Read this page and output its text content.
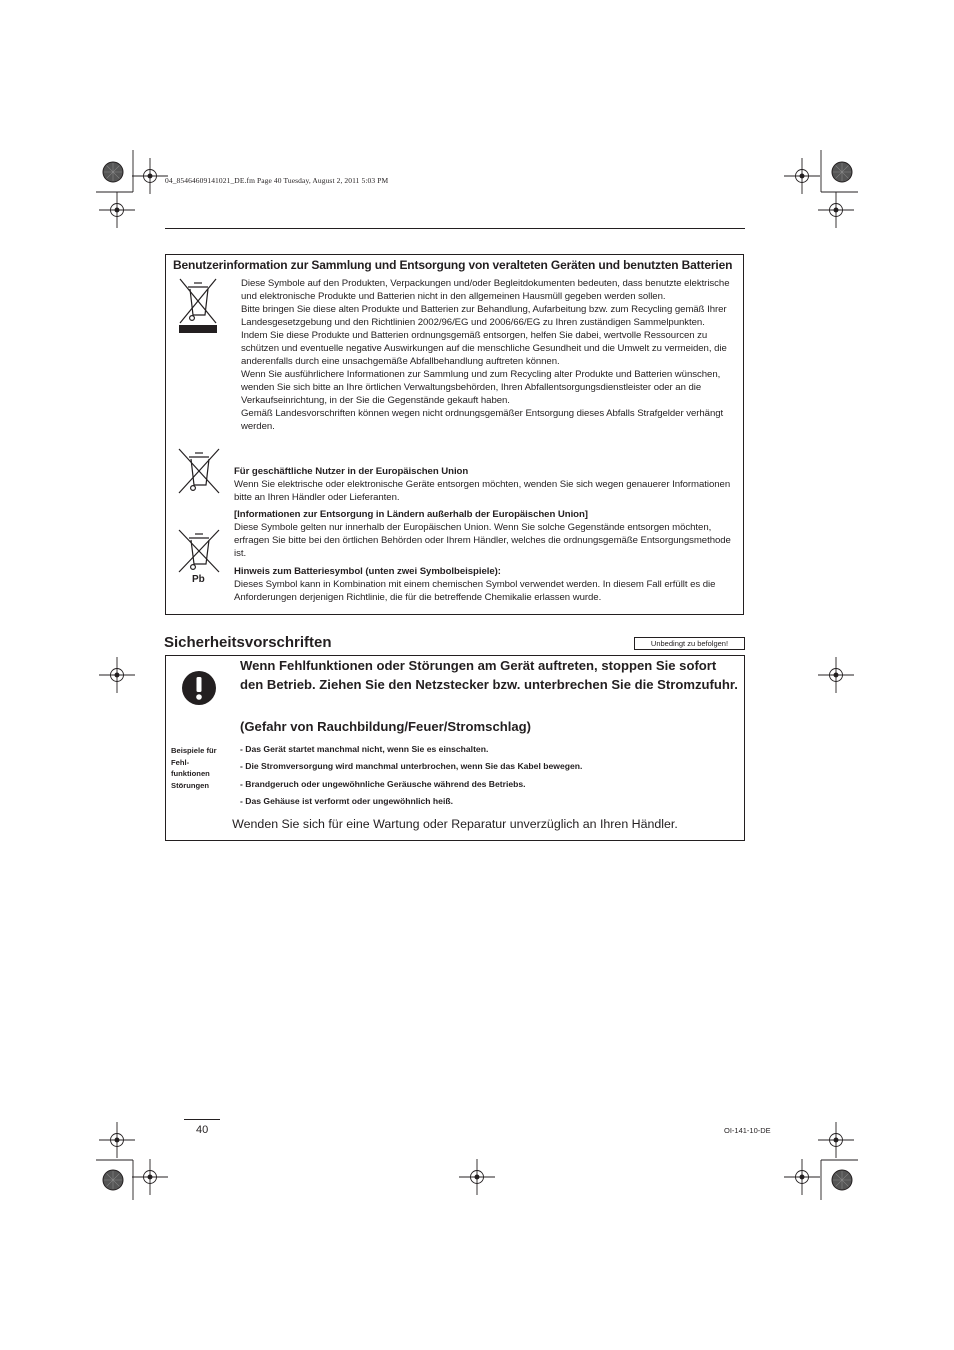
04_85464609141021_DE.fm Page 40 Tuesday, August 2, 2011 5:03 PM
Benutzerinformation zur Sammlung und Entsorgung von veralteten Geräten und benutzten Batterien
Pb

Diese Symbole auf den Produkten, Verpackungen und/oder Begleitdokumenten bedeuten, dass benutzte elektrische und elektronische Produkte und Batterien nicht in den allgemeinen Hausmüll gegeben werden sollen.

Bitte bringen Sie diese alten Produkte und Batterien zur Behandlung, Aufarbeitung bzw. zum Recycling gemäß Ihrer Landesgesetzgebung und den Richtlinien 2002/96/EG und 2006/66/EG zu Ihren zuständigen Sammelpunkten.

Indem Sie diese Produkte und Batterien ordnungsgemäß entsorgen, helfen Sie dabei, wertvolle Ressourcen zu schützen und eventuelle negative Auswirkungen auf die menschliche Gesundheit und die Umwelt zu vermeiden, die anderenfalls durch eine unsachgemäße Abfallbehandlung auftreten können.

Wenn Sie ausführlichere Informationen zur Sammlung und zum Recycling alter Produkte und Batterien wünschen, wenden Sie sich bitte an Ihre örtlichen Verwaltungsbehörden, Ihren Abfallentsorgungsdienstleister oder an die Verkaufseinrichtung, in der Sie die Gegenstände gekauft haben.

Gemäß Landesvorschriften können wegen nicht ordnungsgemäßer Entsorgung dieses Abfalls Strafgelder verhängt werden.

Für geschäftliche Nutzer in der Europäischen Union

Wenn Sie elektrische oder elektronische Geräte entsorgen möchten, wenden Sie sich wegen genauerer Informationen bitte an Ihren Händler oder Lieferanten.

[Informationen zur Entsorgung in Ländern außerhalb der Europäischen Union]

Diese Symbole gelten nur innerhalb der Europäischen Union. Wenn Sie solche Gegenstände entsorgen möchten, erfragen Sie bitte bei den örtlichen Behörden oder Ihrem Händler, welches die ordnungsgemäße Entsorgungsmethode ist.

Hinweis zum Batteriesymbol (unten zwei Symbolbeispiele):

Dieses Symbol kann in Kombination mit einem chemischen Symbol verwendet werden. In diesem Fall erfüllt es die Anforderungen derjenigen Richtlinie, die für die betreffende Chemikalie erlassen wurde.

Sicherheitsvorschriften	Unbedingt zu befolgen!
Wenn Fehlfunktionen oder Störungen am Gerät auftreten, stoppen Sie sofort den Betrieb. Ziehen Sie den Netzstecker bzw. unterbrechen Sie die Stromzufuhr.
(Gefahr von Rauchbildung/Feuer/Stromschlag)
Beispiele für
Fehl-
funktionen
Störungen
- Das Gerät startet manchmal nicht, wenn Sie es einschalten.
- Die Stromversorgung wird manchmal unterbrochen, wenn Sie das Kabel bewegen.
- Brandgeruch oder ungewöhnliche Geräusche während des Betriebs.
- Das Gehäuse ist verformt oder ungewöhnlich heiß.
Wenden Sie sich für eine Wartung oder Reparatur unverzüglich an Ihren Händler.
40	OI-141-10-DE
